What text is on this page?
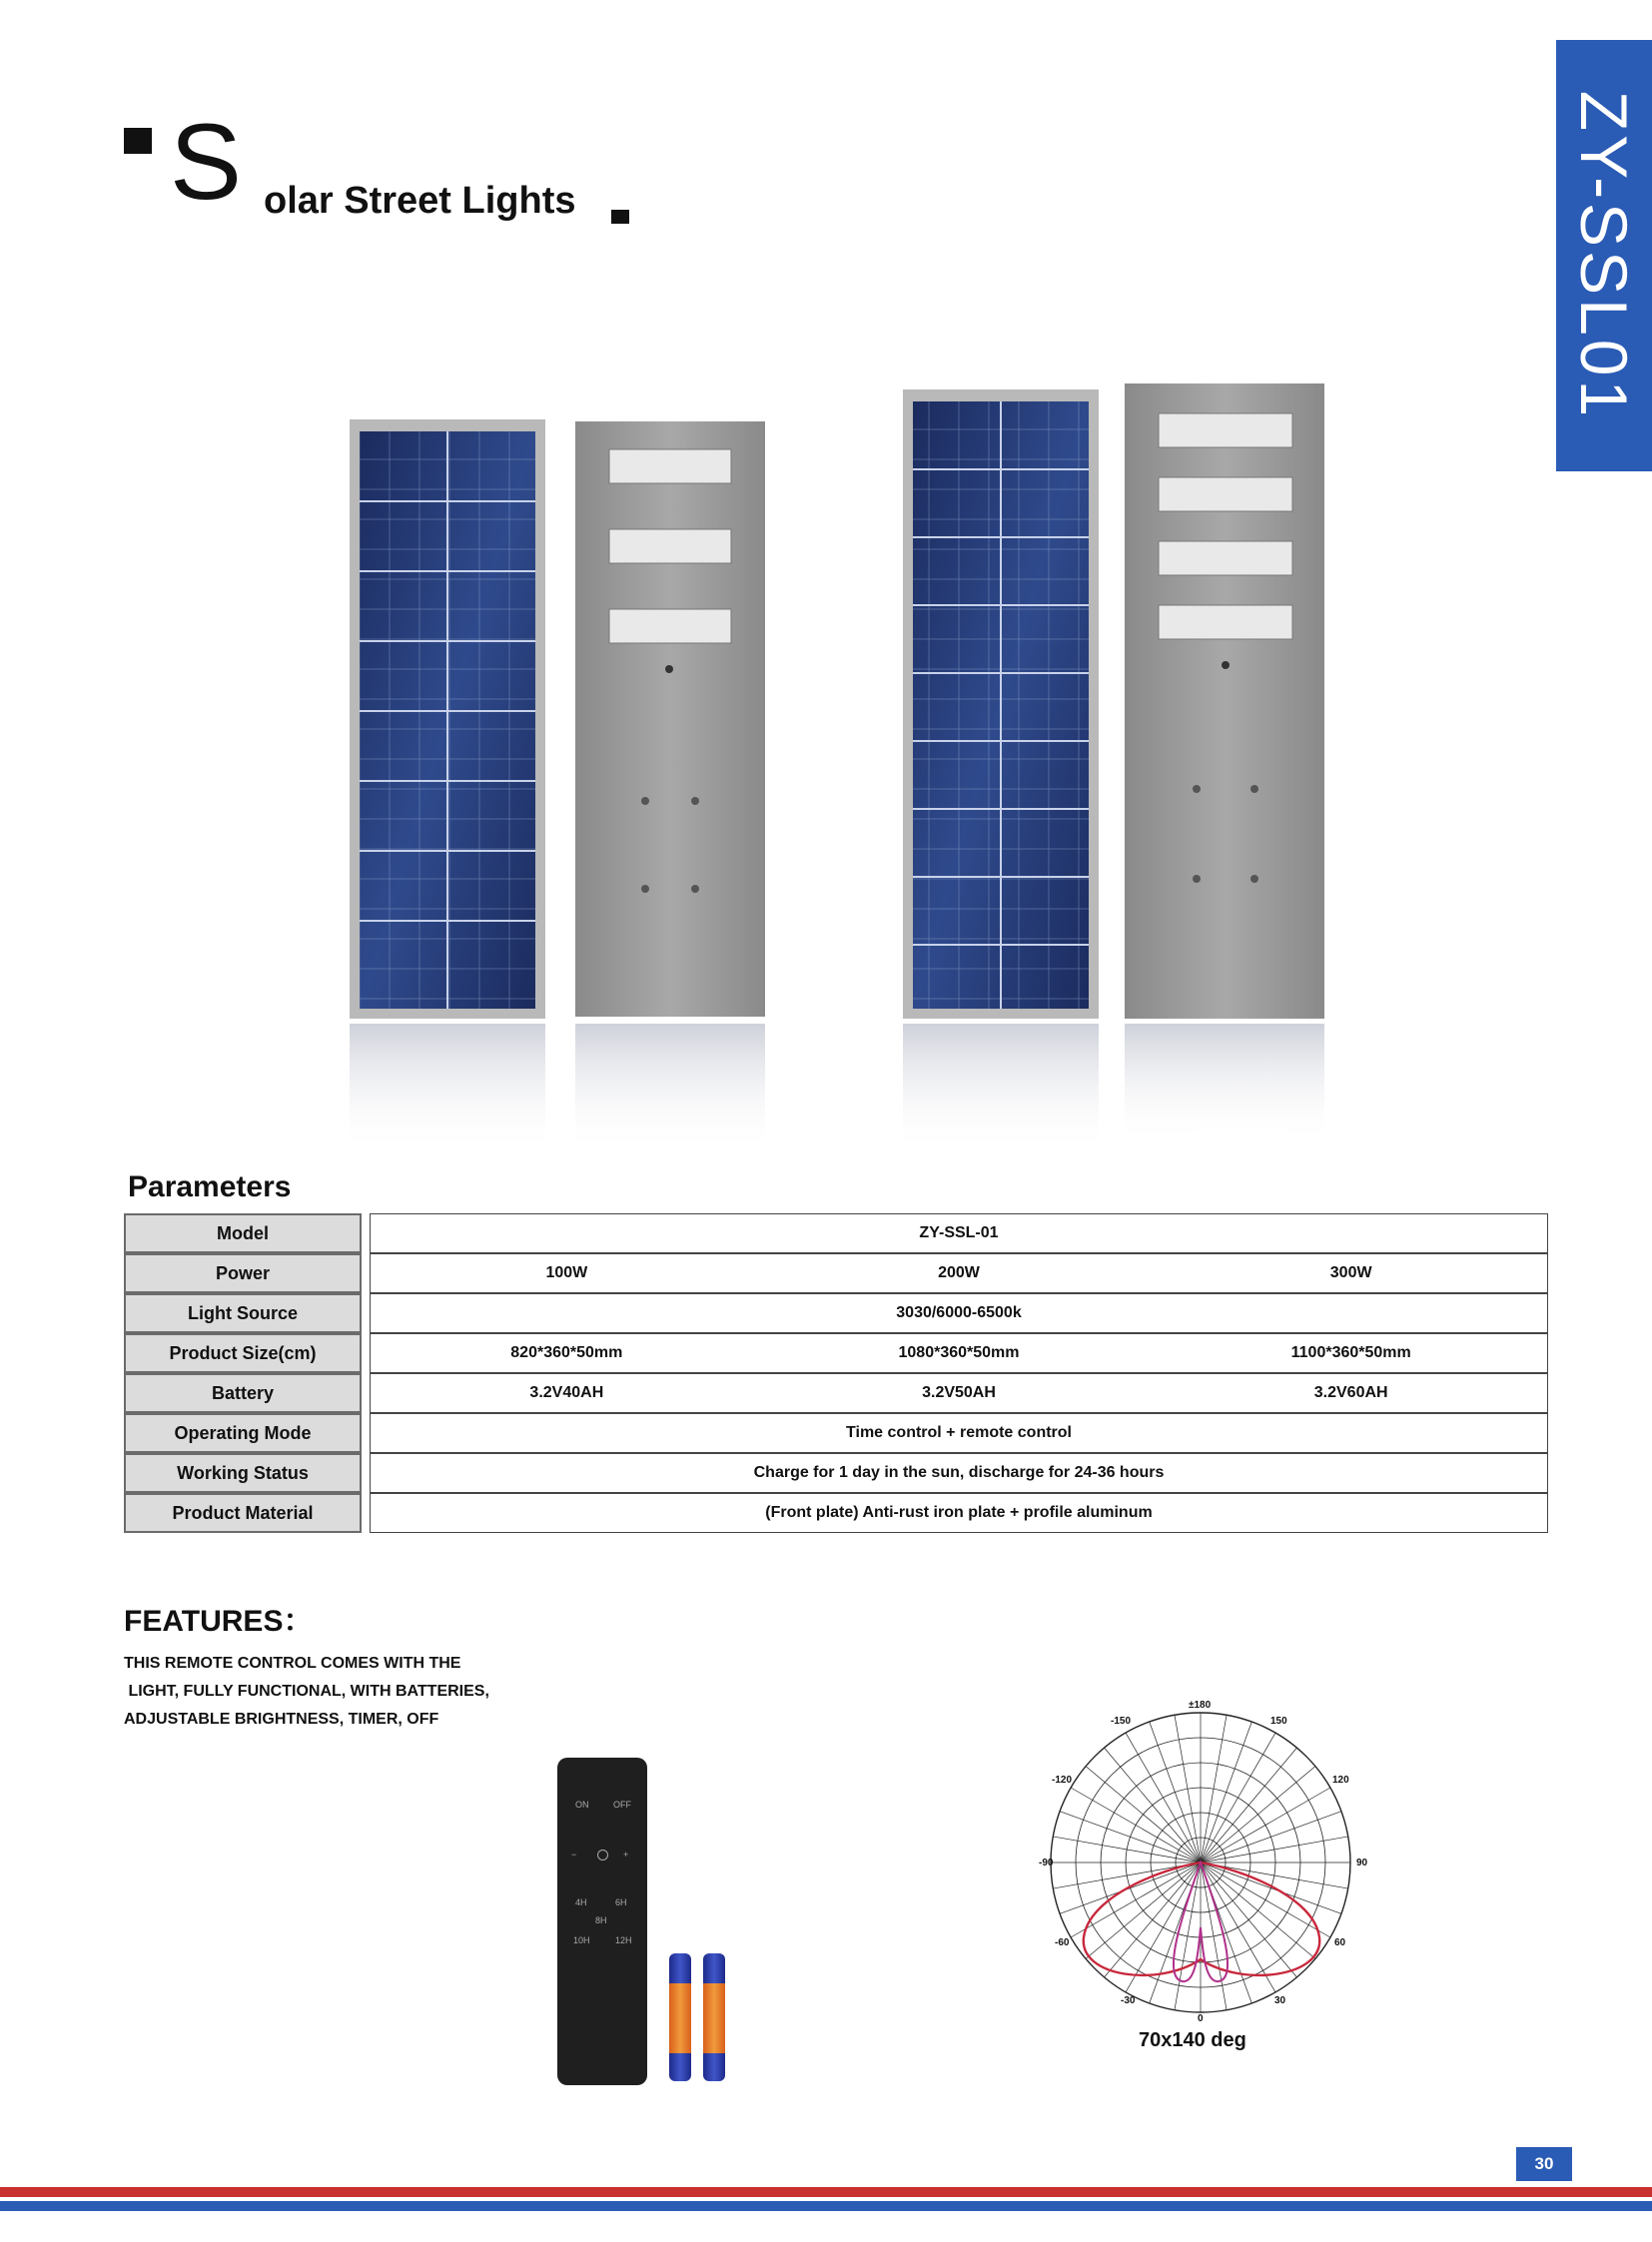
S olar Street Lights	ZY-SSL01
Parameters
Model		ZY-SSL-01
Power		100W 200W 300W

Light Source		3030/6000-6500k
Product Size(cm)		820*360*50mm 1080*360*50mm 1100*360*50mm

Battery		3.2V40AH 3.2V50AH 3.2V60AH

Operating Mode		Time control + remote control
Working Status		Charge for 1 day in the sun, discharge for 24-36 hours
Product Material		(Front plate) Anti-rust iron plate + profile aluminum
FEATURES：
THIS REMOTE CONTROL COMES WITH THE
LIGHT, FULLY FUNCTIONAL, WITH BATTERIES,
ADJUSTABLE BRIGHTNESS, TIMER, OFF
ON	OFF
−	+
4H	6H
8H
10H	12H
±180
-150	150
-120	120
-90	90
-60	60
-30	30
0
70x140 deg
30
